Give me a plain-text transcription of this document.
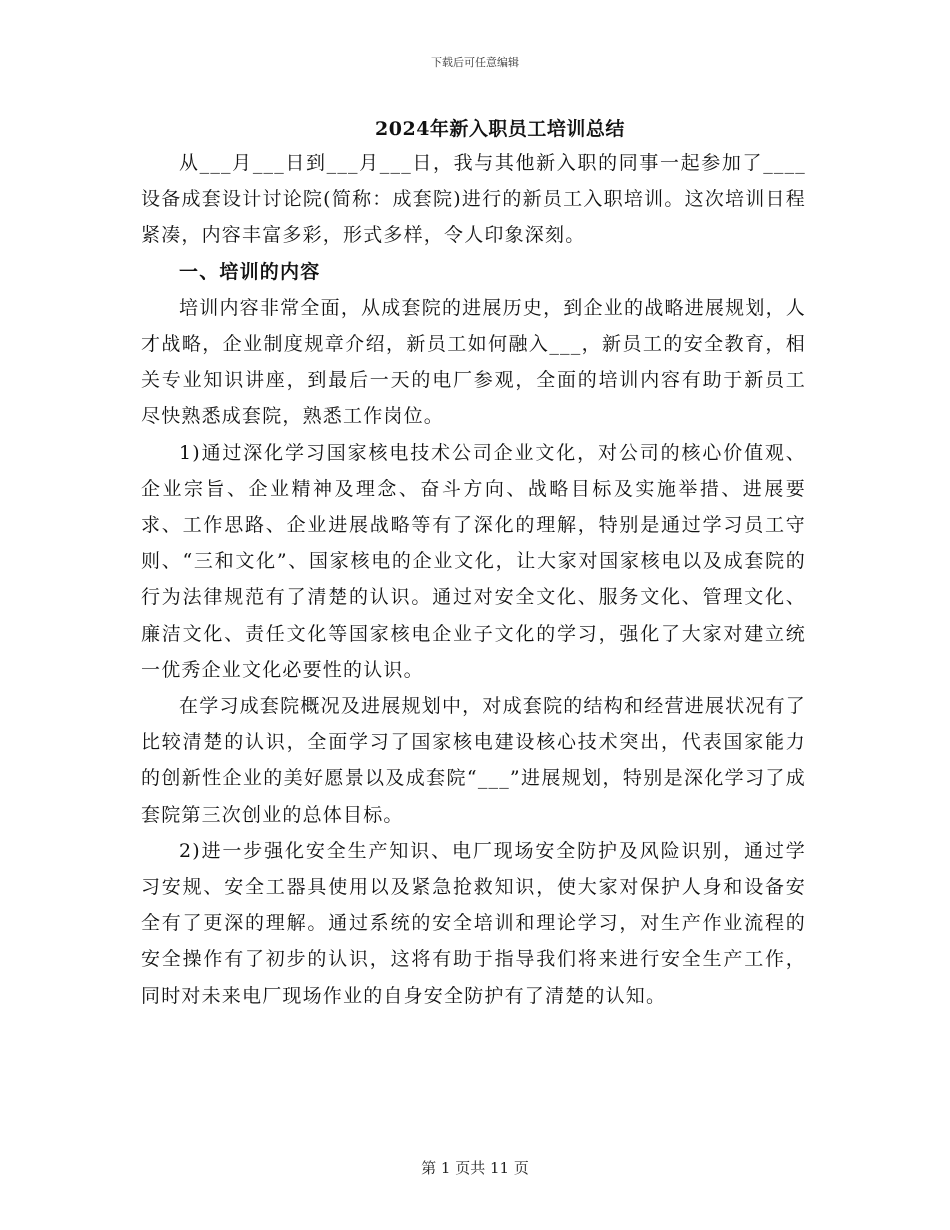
下载后可任意编辑
2024年新入职员工培训总结

从___月___日到___月___日，我与其他新入职的同事一起参加了____设备成套设计讨论院(简称：成套院)进行的新员工入职培训。这次培训日程紧凑，内容丰富多彩，形式多样，令人印象深刻。

一、培训的内容

培训内容非常全面，从成套院的进展历史，到企业的战略进展规划，人才战略，企业制度规章介绍，新员工如何融入___，新员工的安全教育，相关专业知识讲座，到最后一天的电厂参观，全面的培训内容有助于新员工尽快熟悉成套院，熟悉工作岗位。

1)通过深化学习国家核电技术公司企业文化，对公司的核心价值观、企业宗旨、企业精神及理念、奋斗方向、战略目标及实施举措、进展要求、工作思路、企业进展战略等有了深化的理解，特别是通过学习员工守则、“三和文化”、国家核电的企业文化，让大家对国家核电以及成套院的行为法律规范有了清楚的认识。通过对安全文化、服务文化、管理文化、廉洁文化、责任文化等国家核电企业子文化的学习，强化了大家对建立统一优秀企业文化必要性的认识。

在学习成套院概况及进展规划中，对成套院的结构和经营进展状况有了比较清楚的认识，全面学习了国家核电建设核心技术突出，代表国家能力的创新性企业的美好愿景以及成套院“___”进展规划，特别是深化学习了成套院第三次创业的总体目标。

2)进一步强化安全生产知识、电厂现场安全防护及风险识别，通过学习安规、安全工器具使用以及紧急抢救知识，使大家对保护人身和设备安全有了更深的理解。通过系统的安全培训和理论学习，对生产作业流程的安全操作有了初步的认识，这将有助于指导我们将来进行安全生产工作，同时对未来电厂现场作业的自身安全防护有了清楚的认知。

第 1 页共 11 页
